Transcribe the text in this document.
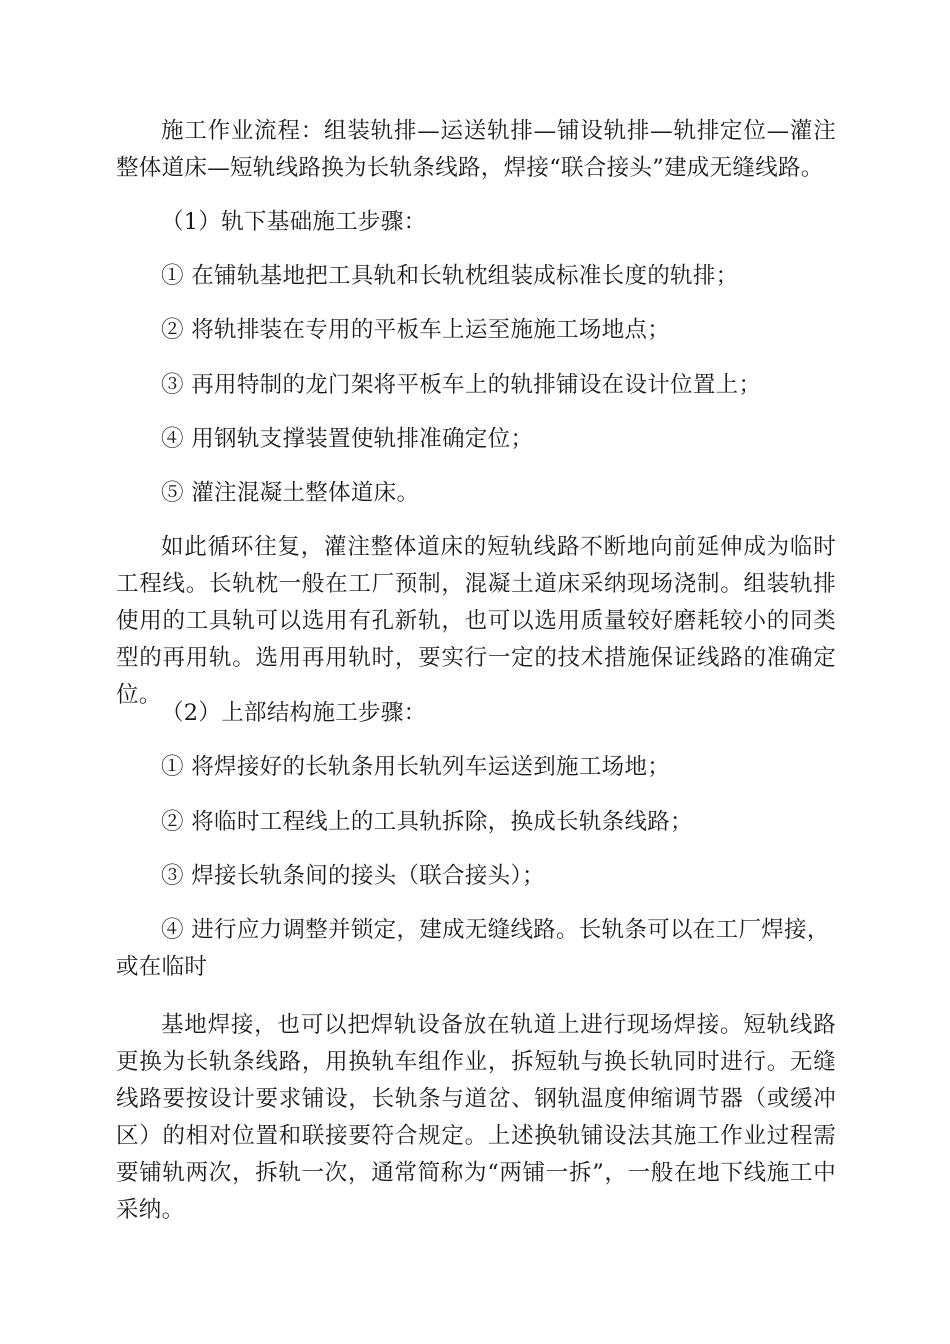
施工作业流程：组装轨排—运送轨排—铺设轨排—轨排定位—灌注整体道床—短轨线路换为长轨条线路，焊接“联合接头”建成无缝线路。

（1）轨下基础施工步骤：

① 在铺轨基地把工具轨和长轨枕组装成标准长度的轨排；

② 将轨排装在专用的平板车上运至施施工场地点；

③ 再用特制的龙门架将平板车上的轨排铺设在设计位置上；

④ 用钢轨支撑装置使轨排准确定位；

⑤ 灌注混凝土整体道床。

如此循环往复，灌注整体道床的短轨线路不断地向前延伸成为临时工程线。长轨枕一般在工厂预制，混凝土道床采纳现场浇制。组装轨排使用的工具轨可以选用有孔新轨，也可以选用质量较好磨耗较小的同类型的再用轨。选用再用轨时，要实行一定的技术措施保证线路的准确定位。

（2）上部结构施工步骤：

① 将焊接好的长轨条用长轨列车运送到施工场地；

② 将临时工程线上的工具轨拆除，换成长轨条线路；

③ 焊接长轨条间的接头（联合接头）；

④ 进行应力调整并锁定，建成无缝线路。长轨条可以在工厂焊接，

或在临时

基地焊接，也可以把焊轨设备放在轨道上进行现场焊接。短轨线路更换为长轨条线路，用换轨车组作业，拆短轨与换长轨同时进行。无缝线路要按设计要求铺设，长轨条与道岔、钢轨温度伸缩调节器（或缓冲区）的相对位置和联接要符合规定。上述换轨铺设法其施工作业过程需要铺轨两次，拆轨一次，通常简称为“两铺一拆”，一般在地下线施工中采纳。
